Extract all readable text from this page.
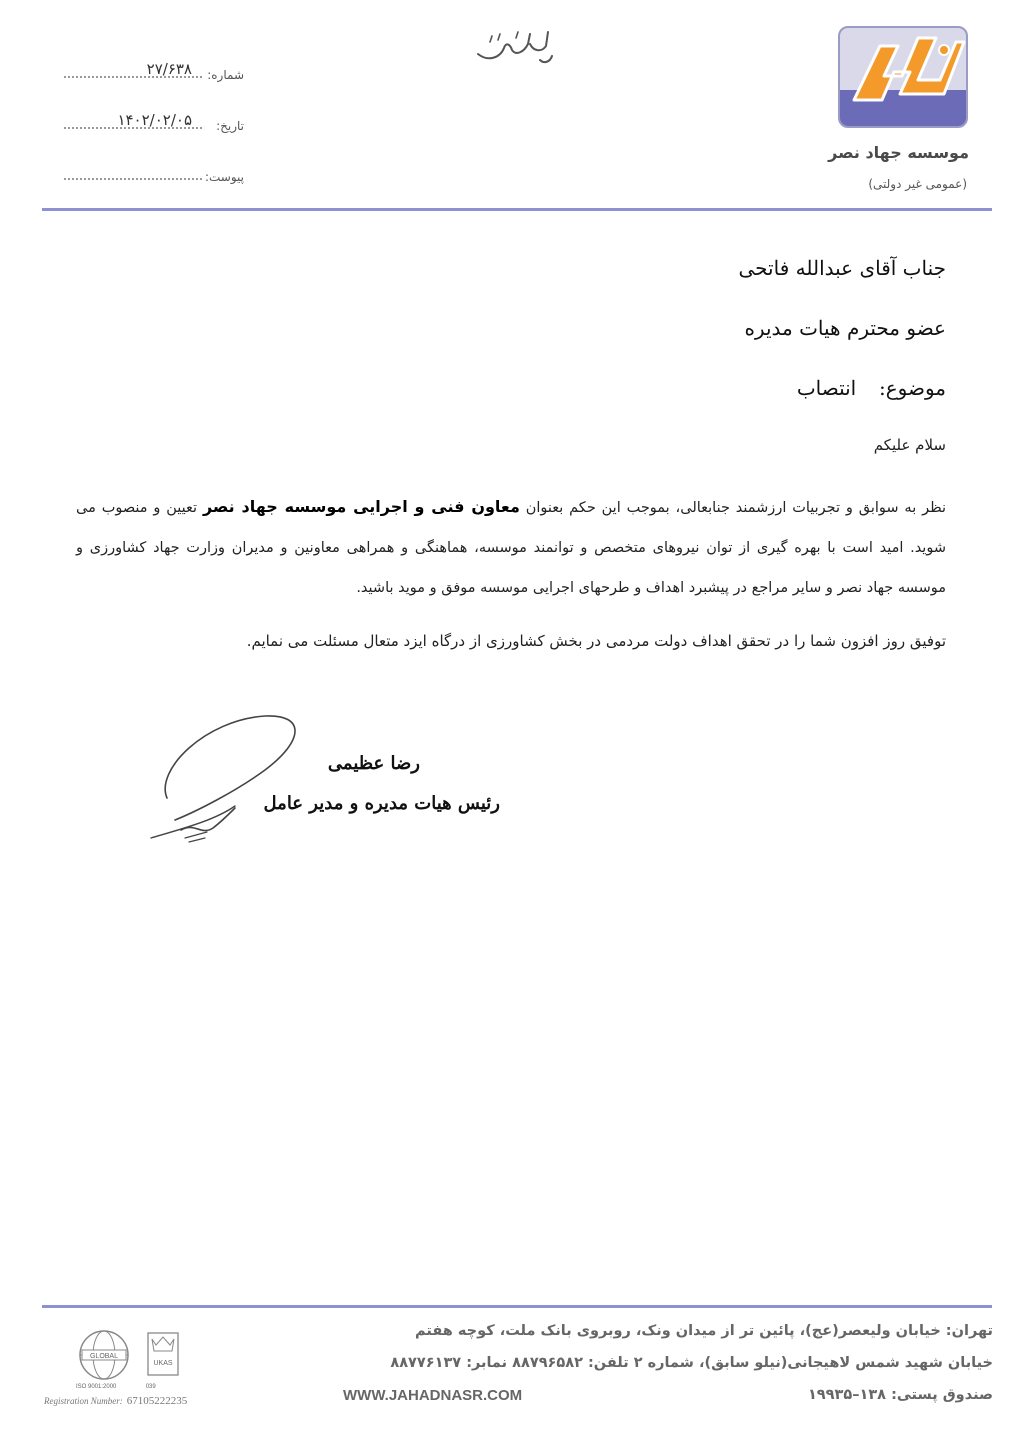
موسسه جهاد نصر
(عمومی غیر دولتی)
شماره:
۲۷/۶۳۸
تاریخ:
۱۴۰۲/۰۲/۰۵
پیوست:
جناب آقای عبدالله فاتحی
عضو محترم هیات مدیره
موضوع:  انتصاب
سلام علیکم
نظر به سوابق و تجربیات ارزشمند جنابعالی، بموجب این حکم بعنوان معاون فنی و اجرایی موسسه جهاد نصر تعیین و منصوب می شوید. امید است با بهره گیری از توان نیروهای متخصص و توانمند موسسه، هماهنگی و همراهی معاونین و مدیران وزارت جهاد کشاورزی و موسسه جهاد نصر و سایر مراجع در پیشبرد اهداف و طرحهای اجرایی موسسه موفق و موید باشید.
توفیق روز افزون شما را در تحقق اهداف دولت مردمی در بخش کشاورزی از درگاه ایزد متعال مسئلت می نمایم.
رضا عظیمی
رئیس هیات مدیره و مدیر عامل
GLOBAL
UKAS
ISO 9001:2000	039
Registration Number: 67105222235
تهران: خیابان ولیعصر(عج)، پائین تر از میدان ونک، روبروی بانک ملت، کوچه هفتم
خیابان شهید شمس لاهیجانی(نیلو سابق)، شماره ۲ تلفن: ۸۸۷۹۶۵۸۲ نمابر: ۸۸۷۷۶۱۳۷
صندوق پستی: ۱۳۸–۱۹۹۳۵
WWW.JAHADNASR.COM
